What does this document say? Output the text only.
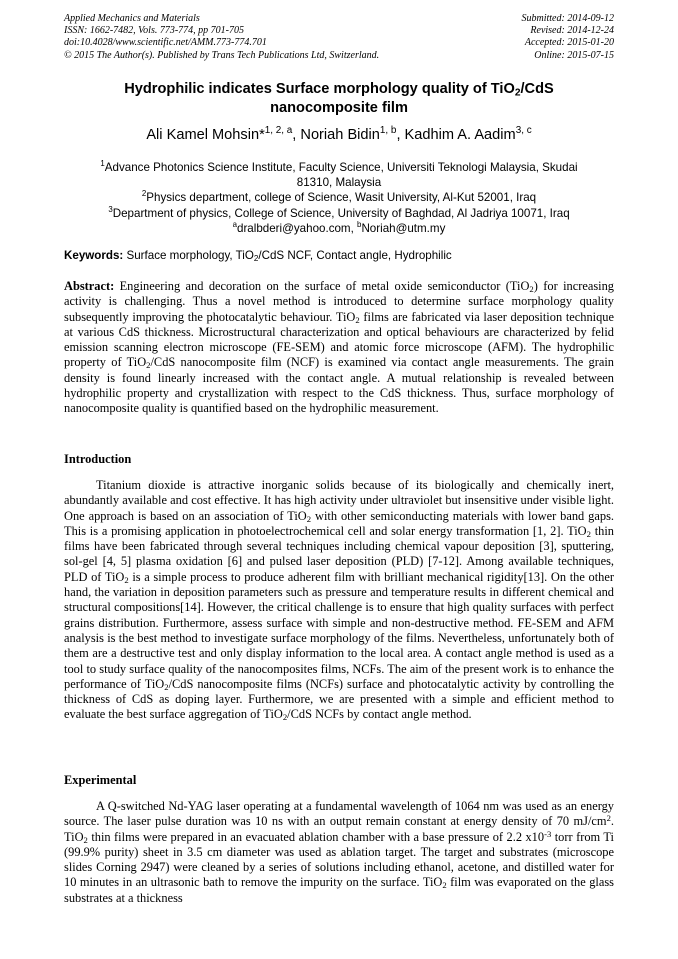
Applied Mechanics and Materials
ISSN: 1662-7482, Vols. 773-774, pp 701-705
doi:10.4028/www.scientific.net/AMM.773-774.701
© 2015 The Author(s). Published by Trans Tech Publications Ltd, Switzerland.
Submitted: 2014-09-12
Revised: 2014-12-24
Accepted: 2015-01-20
Online: 2015-07-15
Hydrophilic indicates Surface morphology quality of TiO$_2$/CdS
nanocomposite film
Ali Kamel Mohsin*$^{1, 2, a}$, Noriah Bidin$^{1, b}$, Kadhim A. Aadim$^{3, c}$
$^1$Advance Photonics Science Institute, Faculty Science, Universiti Teknologi Malaysia, Skudai
81310, Malaysia
$^2$Physics department, college of Science, Wasit University, Al-Kut 52001, Iraq
$^3$Department of physics, College of Science, University of Baghdad, Al Jadriya 10071, Iraq
$^a$dralbderi@yahoo.com, $^b$Noriah@utm.my
Keywords: Surface morphology, TiO$_2$/CdS NCF, Contact angle, Hydrophilic

Abstract: Engineering and decoration on the surface of metal oxide semiconductor (TiO$_2$) for increasing activity is challenging. Thus a novel method is introduced to determine surface morphology quality subsequently improving the photocatalytic behaviour. TiO$_2$ films are fabricated via laser deposition technique at various CdS thickness. Microstructural characterization and optical behaviours are characterized by felid emission scanning electron microscope (FE-SEM) and atomic force microscope (AFM). The hydrophilic property of TiO$_2$/CdS nanocomposite film (NCF) is examined via contact angle measurements. The grain density is found linearly increased with the contact angle. A mutual relationship is revealed between hydrophilic property and crystallization with respect to the CdS thickness. Thus, surface morphology of nanocomposite quality is quantified based on the hydrophilic measurement.

Introduction

Titanium dioxide is attractive inorganic solids because of its biologically and chemically inert, abundantly available and cost effective. It has high activity under ultraviolet but insensitive under visible light. One approach is based on an association of TiO$_2$ with other semiconducting materials with lower band gaps. This is a promising application in photoelectrochemical cell and solar energy transformation [1, 2]. TiO$_2$ thin films have been fabricated through several techniques including chemical vapour deposition [3], sputtering, sol-gel [4, 5] plasma oxidation [6] and pulsed laser deposition (PLD) [7-12]. Among available techniques, PLD of TiO$_2$ is a simple process to produce adherent film with brilliant mechanical rigidity[13]. On the other hand, the variation in deposition parameters such as pressure and temperature results in different chemical and structural compositions[14]. However, the critical challenge is to ensure that high quality surfaces with perfect grains distribution. Furthermore, assess surface with simple and non-destructive method. FE-SEM and AFM analysis is the best method to investigate surface morphology of the films. Nevertheless, unfortunately both of them are a destructive test and only display information to the local area. A contact angle method is used as a tool to study surface quality of the nanocomposites films, NCFs. The aim of the present work is to enhance the performance of TiO$_2$/CdS nanocomposite films (NCFs) surface and photocatalytic activity by controlling the thickness of CdS as doping layer. Furthermore, we are presented with a simple and efficient method to evaluate the best surface aggregation of TiO$_2$/CdS NCFs by contact angle method.

Experimental

A Q-switched Nd-YAG laser operating at a fundamental wavelength of 1064 nm was used as an energy source. The laser pulse duration was 10 ns with an output remain constant at energy density of 70 $mJ/cm^2$. TiO$_2$ thin films were prepared in an evacuated ablation chamber with a base pressure of 2.2 $x10^{-3}$ torr from Ti (99.9% purity) sheet in 3.5 cm diameter was used as ablation target. The target and substrates (microscope slides Corning 2947) were cleaned by a series of solutions including ethanol, acetone, and distilled water for 10 minutes in an ultrasonic bath to remove the impurity on the surface. TiO$_2$ film was evaporated on the glass substrates at a thickness
